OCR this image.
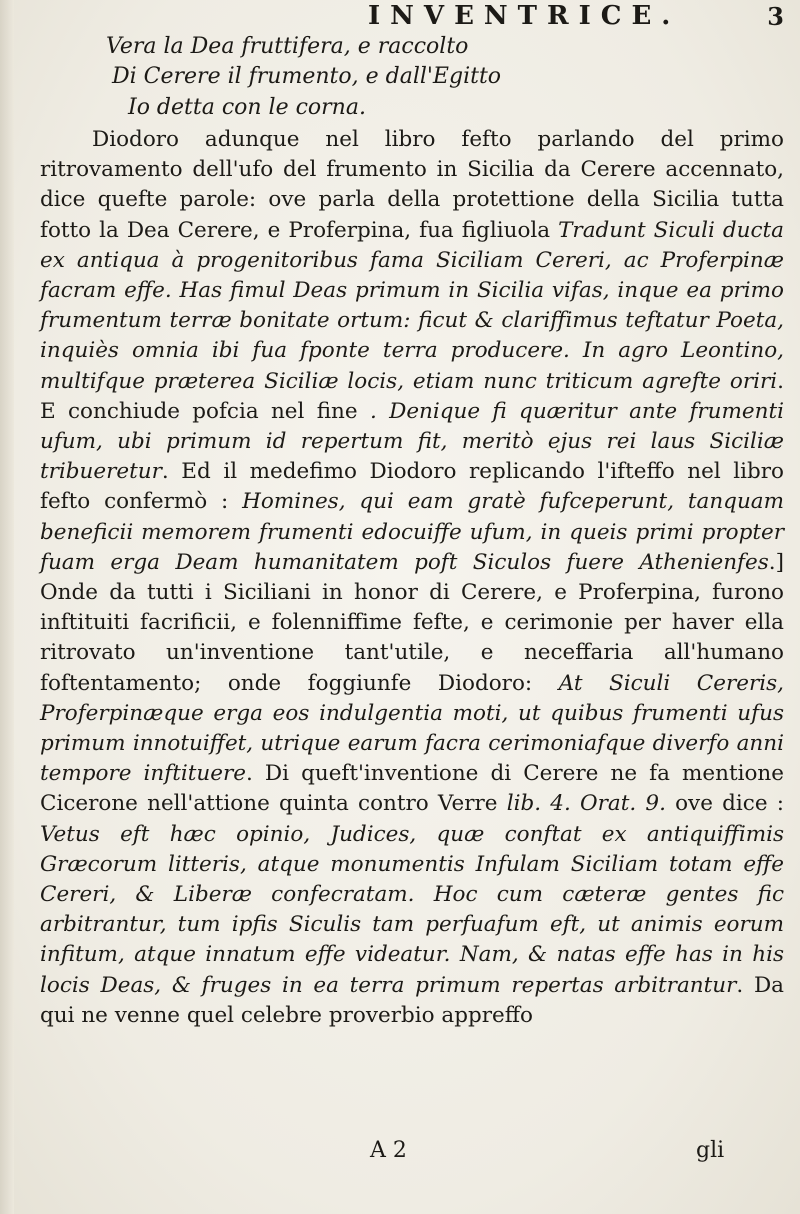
INVENTRICE.	3
Vera la Dea fruttifera, e raccolto
Di Cerere il frumento, e dall'Egitto
Io detta con le corna.

Diodoro adunque nel libro fefto parlando del primo ritrovamento dell'ufo del frumento in Sicilia da Cerere accennato, dice quefte parole: ove parla della protettione della Sicilia tutta fotto la Dea Cerere, e Proferpina, fua figliuola Tradunt Siculi ducta ex antiqua à progenitoribus fama Siciliam Cereri, ac Proferpinæ facram effe. Has fimul Deas primum in Sicilia vifas, inque ea primo frumentum terræ bonitate ortum: ficut & clariffimus teftatur Poeta, inquiès omnia ibi fua fponte terra producere. In agro Leontino, multifque præterea Siciliæ locis, etiam nunc triticum agrefte oriri. E conchiude pofcia nel fine . Denique fi quæritur ante frumenti ufum, ubi primum id repertum fit, meritò ejus rei laus Siciliæ tribueretur. Ed il medefimo Diodoro replicando l'ifteffo nel libro fefto confermò : Homines, qui eam gratè fufceperunt, tanquam beneficii memorem frumenti edocuiffe ufum, in queis primi propter fuam erga Deam humanitatem poft Siculos fuere Athenienfes.] Onde da tutti i Siciliani in honor di Cerere, e Proferpina, furono inftituiti facrificii, e folenniffime fefte, e cerimonie per haver ella ritrovato un'inventione tant'utile, e neceffaria all'humano foftentamento; onde foggiunfe Diodoro: At Siculi Cereris, Proferpinæque erga eos indulgentia moti, ut quibus frumenti ufus primum innotuiffet, utrique earum facra cerimoniafque diverfo anni tempore inftituere. Di queft'inventione di Cerere ne fa mentione Cicerone nell'attione quinta contro Verre lib. 4. Orat. 9. ove dice : Vetus eft hæc opinio, Judices, quæ conftat ex antiquiffimis Græcorum litteris, atque monumentis Infulam Siciliam totam effe Cereri, & Liberæ confecratam. Hoc cum cæteræ gentes fic arbitrantur, tum ipfis Siculis tam perfuafum eft, ut animis eorum infitum, atque innatum effe videatur. Nam, & natas effe has in his locis Deas, & fruges in ea terra primum repertas arbitrantur. Da qui ne venne quel celebre proverbio appreffo

A 2	gli
